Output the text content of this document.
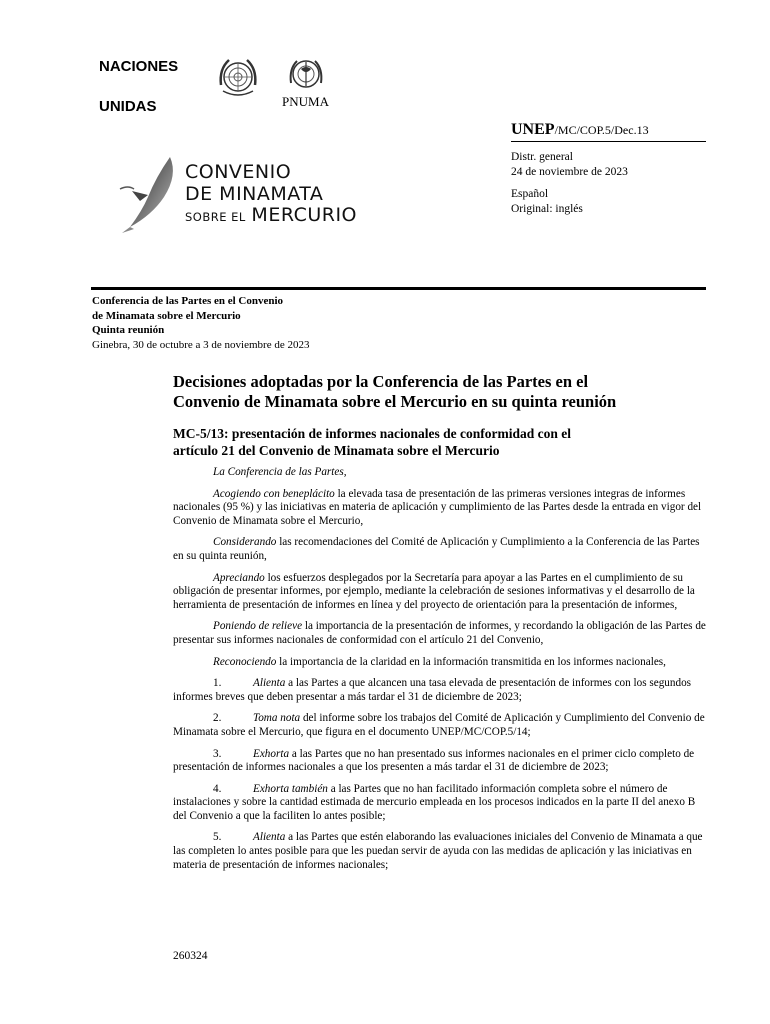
NACIONES
UNIDAS	PNUMA
UNEP/MC/COP.5/Dec.13
Distr. general
24 de noviembre de 2023
Español
Original: inglés
CONVENIO
DE MINAMATA
SOBRE EL MERCURIO
Conferencia de las Partes en el Convenio
de Minamata sobre el Mercurio
Quinta reunión
Ginebra, 30 de octubre a 3 de noviembre de 2023
Decisiones adoptadas por la Conferencia de las Partes en el
Convenio de Minamata sobre el Mercurio en su quinta reunión
MC-5/13: presentación de informes nacionales de conformidad con el
artículo 21 del Convenio de Minamata sobre el Mercurio
La Conferencia de las Partes,
Acogiendo con beneplácito la elevada tasa de presentación de las primeras versiones integras de informes nacionales (95 %) y las iniciativas en materia de aplicación y cumplimiento de las Partes desde la entrada en vigor del Convenio de Minamata sobre el Mercurio,
Considerando las recomendaciones del Comité de Aplicación y Cumplimiento a la Conferencia de las Partes en su quinta reunión,
Apreciando los esfuerzos desplegados por la Secretaría para apoyar a las Partes en el cumplimiento de su obligación de presentar informes, por ejemplo, mediante la celebración de sesiones informativas y el desarrollo de la herramienta de presentación de informes en línea y del proyecto de orientación para la presentación de informes,
Poniendo de relieve la importancia de la presentación de informes, y recordando la obligación de las Partes de presentar sus informes nacionales de conformidad con el artículo 21 del Convenio,
Reconociendo la importancia de la claridad en la información transmitida en los informes nacionales,
1.	Alienta a las Partes a que alcancen una tasa elevada de presentación de informes con los segundos informes breves que deben presentar a más tardar el 31 de diciembre de 2023;
2.	Toma nota del informe sobre los trabajos del Comité de Aplicación y Cumplimiento del Convenio de Minamata sobre el Mercurio, que figura en el documento UNEP/MC/COP.5/14;
3.	Exhorta a las Partes que no han presentado sus informes nacionales en el primer ciclo completo de presentación de informes nacionales a que los presenten a más tardar el 31 de diciembre de 2023;
4.	Exhorta también a las Partes que no han facilitado información completa sobre el número de instalaciones y sobre la cantidad estimada de mercurio empleada en los procesos indicados en la parte II del anexo B del Convenio a que la faciliten lo antes posible;
5.	Alienta a las Partes que estén elaborando las evaluaciones iniciales del Convenio de Minamata a que las completen lo antes posible para que les puedan servir de ayuda con las medidas de aplicación y las iniciativas en materia de presentación de informes nacionales;
260324
